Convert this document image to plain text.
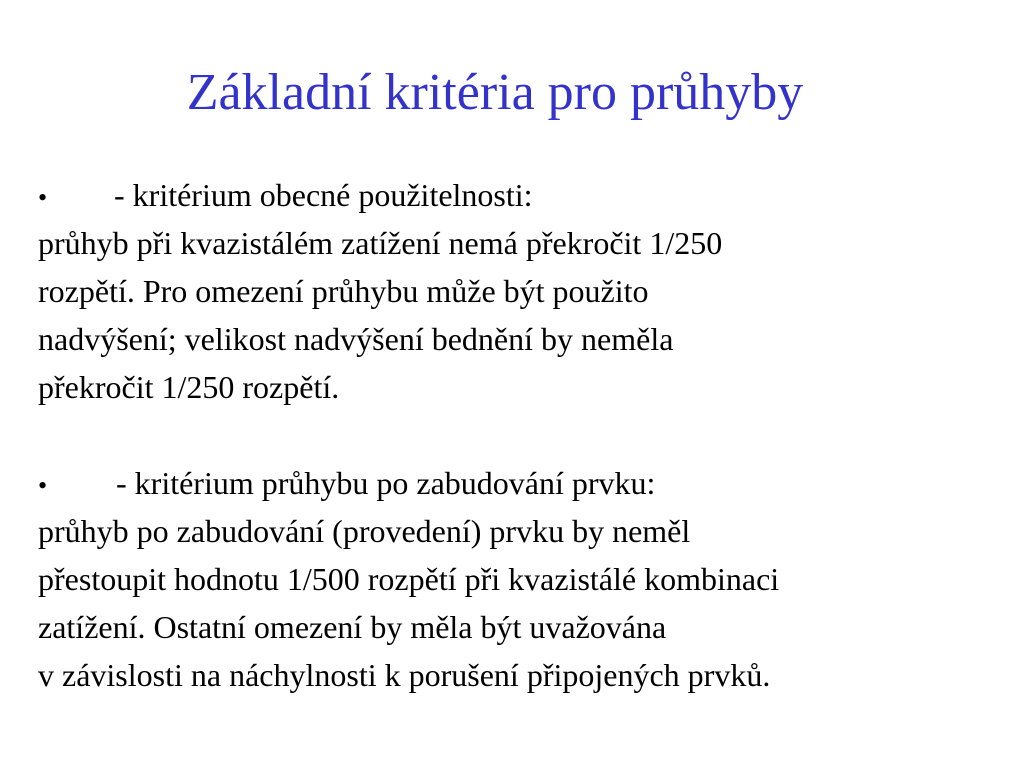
Základní kritéria pro průhyby
• - kritérium obecné použitelnosti:
průhyb při kvazistálém zatížení nemá překročit 1/250
rozpětí. Pro omezení průhybu může být použito
nadvýšení; velikost nadvýšení bednění by neměla
překročit 1/250 rozpětí.
• - kritérium průhybu po zabudování prvku:
průhyb po zabudování (provedení) prvku by neměl
přestoupit hodnotu 1/500 rozpětí při kvazistálé kombinaci
zatížení. Ostatní omezení by měla být uvažována
v závislosti na náchylnosti k porušení připojených prvků.
